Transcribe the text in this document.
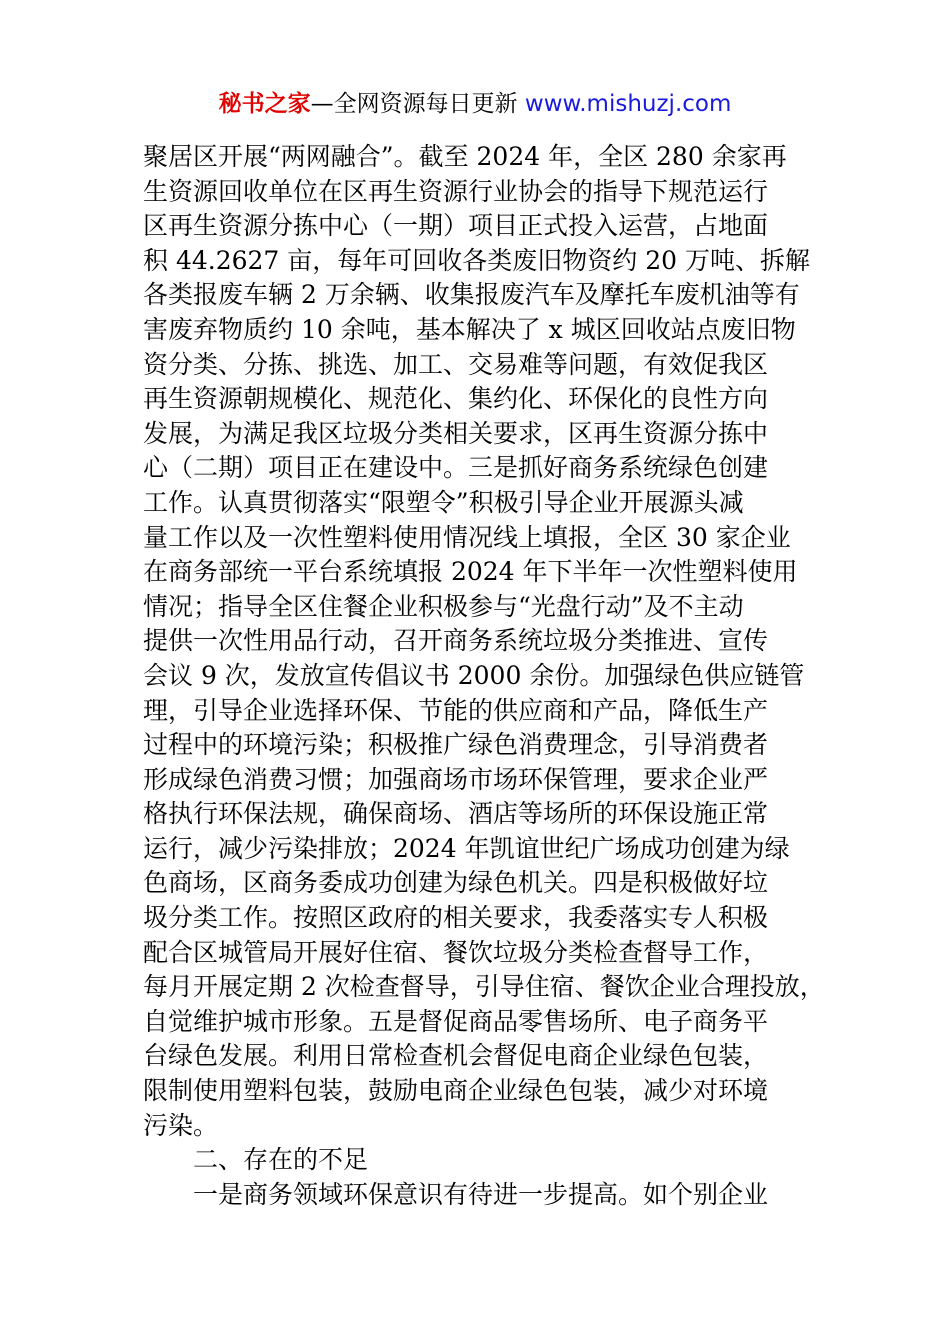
秘书之家—全网资源每日更新 www.mishuzj.com
聚居区开展“两网融合”。截至 2024 年，全区 280 余家再
生资源回收单位在区再生资源行业协会的指导下规范运行
区再生资源分拣中心（一期）项目正式投入运营，占地面
积 44.2627 亩，每年可回收各类废旧物资约 20 万吨、拆解
各类报废车辆 2 万余辆、收集报废汽车及摩托车废机油等有
害废弃物质约 10 余吨，基本解决了 x 城区回收站点废旧物
资分类、分拣、挑选、加工、交易难等问题，有效促我区
再生资源朝规模化、规范化、集约化、环保化的良性方向
发展，为满足我区垃圾分类相关要求，区再生资源分拣中
心（二期）项目正在建设中。三是抓好商务系统绿色创建
工作。认真贯彻落实“限塑令”积极引导企业开展源头减
量工作以及一次性塑料使用情况线上填报，全区 30 家企业
在商务部统一平台系统填报 2024 年下半年一次性塑料使用
情况；指导全区住餐企业积极参与“光盘行动”及不主动
提供一次性用品行动，召开商务系统垃圾分类推进、宣传
会议 9 次，发放宣传倡议书 2000 余份。加强绿色供应链管
理，引导企业选择环保、节能的供应商和产品，降低生产
过程中的环境污染；积极推广绿色消费理念，引导消费者
形成绿色消费习惯；加强商场市场环保管理，要求企业严
格执行环保法规，确保商场、酒店等场所的环保设施正常
运行，减少污染排放；2024 年凯谊世纪广场成功创建为绿
色商场，区商务委成功创建为绿色机关。四是积极做好垃
圾分类工作。按照区政府的相关要求，我委落实专人积极
配合区城管局开展好住宿、餐饮垃圾分类检查督导工作，
每月开展定期 2 次检查督导，引导住宿、餐饮企业合理投放，
自觉维护城市形象。五是督促商品零售场所、电子商务平
台绿色发展。利用日常检查机会督促电商企业绿色包装，
限制使用塑料包装，鼓励电商企业绿色包装，减少对环境
污染。
二、存在的不足
一是商务领域环保意识有待进一步提高。如个别企业
